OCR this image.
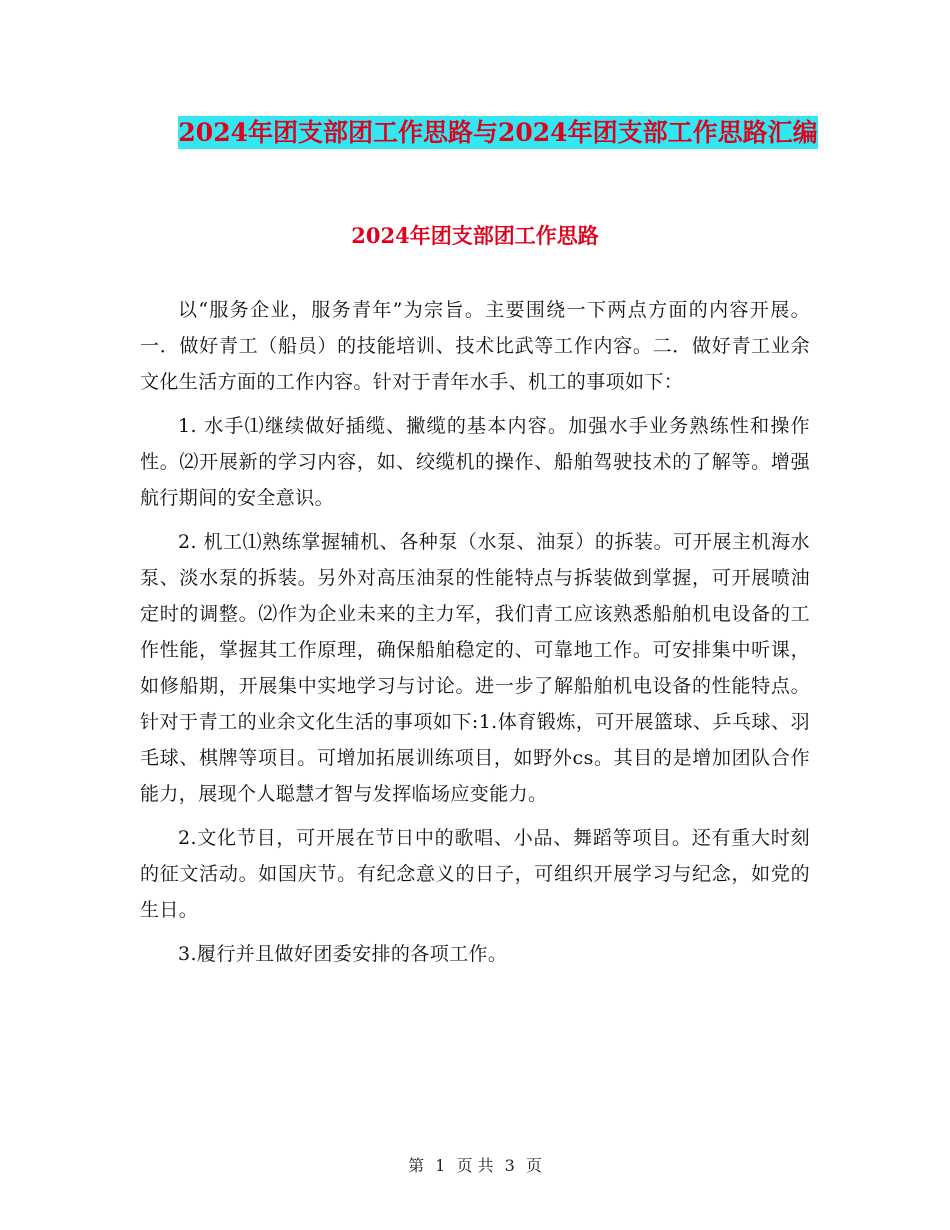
2024年团支部团工作思路与2024年团支部工作思路汇编
2024年团支部团工作思路

以“服务企业，服务青年”为宗旨。主要围绕一下两点方面的内容开展。一．做好青工（船员）的技能培训、技术比武等工作内容。二．做好青工业余文化生活方面的工作内容。针对于青年水手、机工的事项如下：

1. 水手⑴继续做好插缆、撇缆的基本内容。加强水手业务熟练性和操作性。⑵开展新的学习内容，如、绞缆机的操作、船舶驾驶技术的了解等。增强航行期间的安全意识。

2. 机工⑴熟练掌握辅机、各种泵（水泵、油泵）的拆装。可开展主机海水泵、淡水泵的拆装。另外对高压油泵的性能特点与拆装做到掌握，可开展喷油定时的调整。⑵作为企业未来的主力军，我们青工应该熟悉船舶机电设备的工作性能，掌握其工作原理，确保船舶稳定的、可靠地工作。可安排集中听课，如修船期，开展集中实地学习与讨论。进一步了解船舶机电设备的性能特点。针对于青工的业余文化生活的事项如下:1.体育锻炼，可开展篮球、乒乓球、羽毛球、棋牌等项目。可增加拓展训练项目，如野外cs。其目的是增加团队合作能力，展现个人聪慧才智与发挥临场应变能力。

2.文化节目，可开展在节日中的歌唱、小品、舞蹈等项目。还有重大时刻的征文活动。如国庆节。有纪念意义的日子，可组织开展学习与纪念，如党的生日。

3.履行并且做好团委安排的各项工作。

第 1 页 共 3 页
